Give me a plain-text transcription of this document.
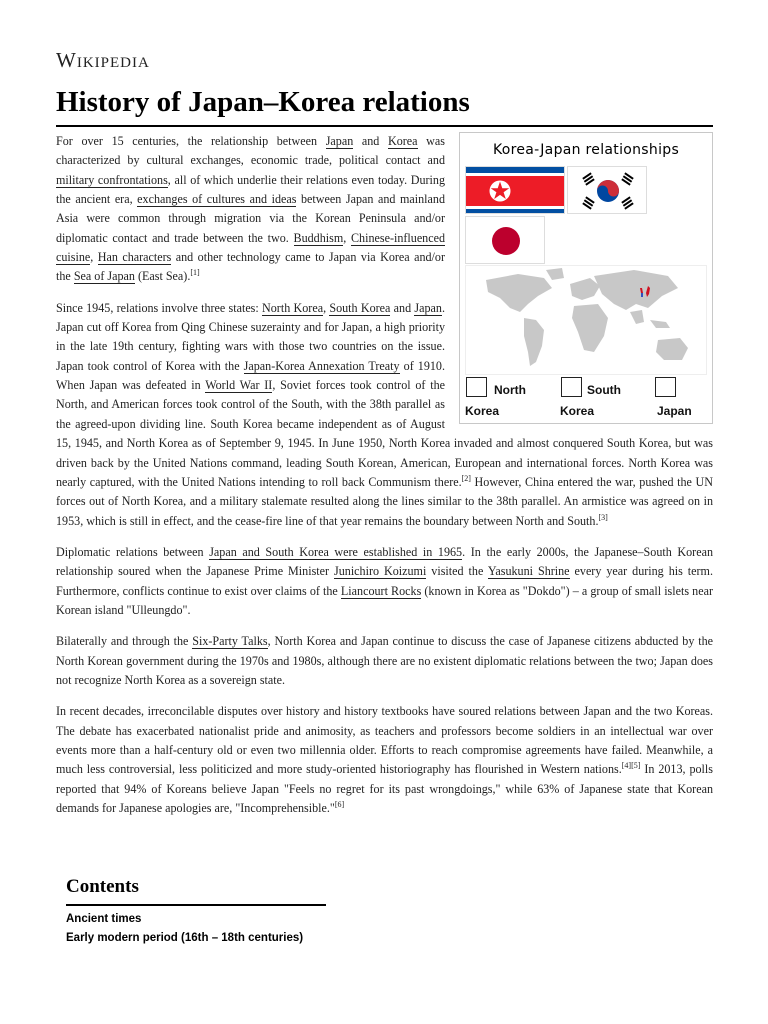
Wikipedia
History of Japan–Korea relations
Korea-Japan relationships
North
Korea
South
Korea	Japan

For over 15 centuries, the relationship between Japan and Korea was characterized by cultural exchanges, economic trade, political contact and military confrontations, all of which underlie their relations even today. During the ancient era, exchanges of cultures and ideas between Japan and mainland Asia were common through migration via the Korean Peninsula and/or diplomatic contact and trade between the two. Buddhism, Chinese-influenced cuisine, Han characters and other technology came to Japan via Korea and/or the Sea of Japan (East Sea).[1]

Since 1945, relations involve three states: North Korea, South Korea and Japan. Japan cut off Korea from Qing Chinese suzerainty and for Japan, a high priority in the late 19th century, fighting wars with those two countries on the issue. Japan took control of Korea with the Japan-Korea Annexation Treaty of 1910. When Japan was defeated in World War II, Soviet forces took control of the North, and American forces took control of the South, with the 38th parallel as the agreed-upon dividing line. South Korea became independent as of August 15, 1945, and North Korea as of September 9, 1945. In June 1950, North Korea invaded and almost conquered South Korea, but was driven back by the United Nations command, leading South Korean, American, European and international forces. North Korea was nearly captured, with the United Nations intending to roll back Communism there.[2] However, China entered the war, pushed the UN forces out of North Korea, and a military stalemate resulted along the lines similar to the 38th parallel. An armistice was agreed on in 1953, which is still in effect, and the cease-fire line of that year remains the boundary between North and South.[3]

Diplomatic relations between Japan and South Korea were established in 1965. In the early 2000s, the Japanese–South Korean relationship soured when the Japanese Prime Minister Junichiro Koizumi visited the Yasukuni Shrine every year during his term. Furthermore, conflicts continue to exist over claims of the Liancourt Rocks (known in Korea as "Dokdo") – a group of small islets near Korean island "Ulleungdo".

Bilaterally and through the Six-Party Talks, North Korea and Japan continue to discuss the case of Japanese citizens abducted by the North Korean government during the 1970s and 1980s, although there are no existent diplomatic relations between the two; Japan does not recognize North Korea as a sovereign state.

In recent decades, irreconcilable disputes over history and history textbooks have soured relations between Japan and the two Koreas. The debate has exacerbated nationalist pride and animosity, as teachers and professors become soldiers in an intellectual war over events more than a half-century old or even two millennia older. Efforts to reach compromise agreements have failed. Meanwhile, a much less controversial, less politicized and more study-oriented historiography has flourished in Western nations.[4][5] In 2013, polls reported that 94% of Koreans believe Japan "Feels no regret for its past wrongdoings," while 63% of Japanese state that Korean demands for Japanese apologies are, "Incomprehensible."[6]

Contents
Ancient times
Early modern period (16th – 18th centuries)
